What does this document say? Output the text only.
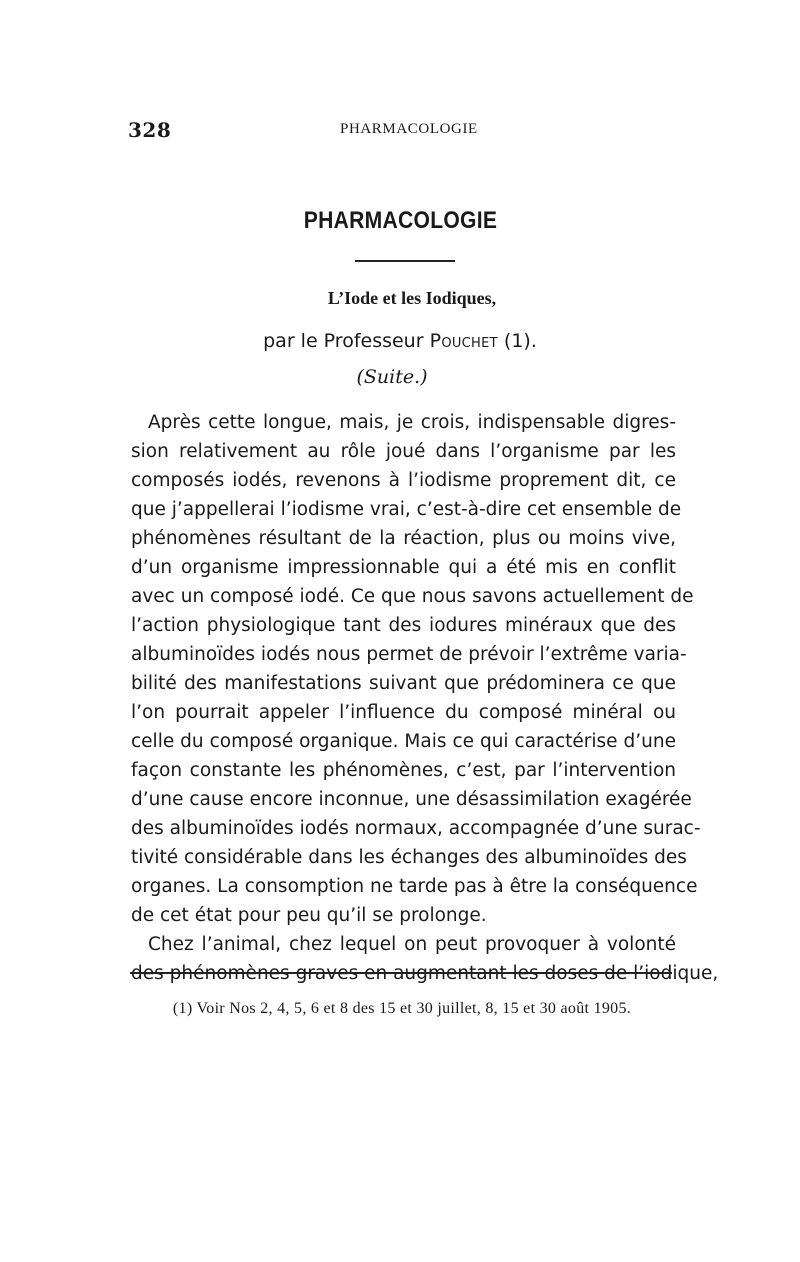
328	PHARMACOLOGIE
PHARMACOLOGIE
L’Iode et les Iodiques,
par le Professeur Pouchet (1).
(Suite.)
Après cette longue, mais, je crois, indispensable digres-
sion relativement au rôle joué dans l’organisme par les
composés iodés, revenons à l’iodisme proprement dit, ce
que j’appellerai l’iodisme vrai, c’est-à-dire cet ensemble de
phénomènes résultant de la réaction, plus ou moins vive,
d’un organisme impressionnable qui a été mis en conflit
avec un composé iodé. Ce que nous savons actuellement de
l’action physiologique tant des iodures minéraux que des
albuminoïdes iodés nous permet de prévoir l’extrême varia-
bilité des manifestations suivant que prédominera ce que
l’on pourrait appeler l’influence du composé minéral ou
celle du composé organique. Mais ce qui caractérise d’une
façon constante les phénomènes, c’est, par l’intervention
d’une cause encore inconnue, une désassimilation exagérée
des albuminoïdes iodés normaux, accompagnée d’une surac-
tivité considérable dans les échanges des albuminoïdes des
organes. La consomption ne tarde pas à être la conséquence
de cet état pour peu qu’il se prolonge.
Chez l’animal, chez lequel on peut provoquer à volonté
des phénomènes graves en augmentant les doses de l’iodique,
(1) Voir Nos 2, 4, 5, 6 et 8 des 15 et 30 juillet, 8, 15 et 30 août 1905.
